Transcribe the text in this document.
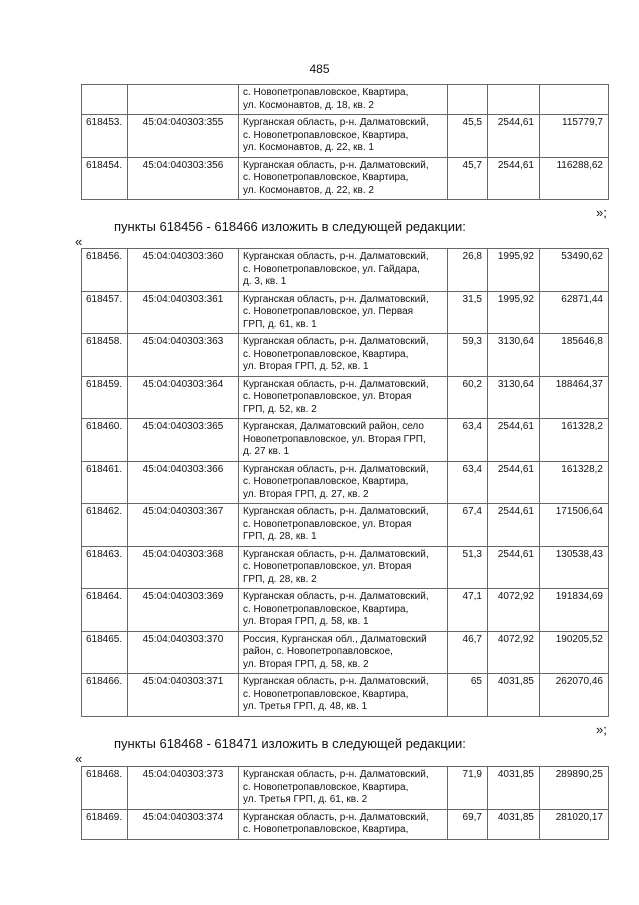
485
		с. Новопетропавловское, Квартира,
ул. Космонавтов, д. 18, кв. 2			
618453.	45:04:040303:355	Курганская область, р-н. Далматовский,
с. Новопетропавловское, Квартира,
ул. Космонавтов, д. 22, кв. 1	45,5	2544,61	115779,7
618454.	45:04:040303:356	Курганская область, р-н. Далматовский,
с. Новопетропавловское, Квартира,
ул. Космонавтов, д. 22, кв. 2	45,7	2544,61	116288,62
»;
пункты 618456 - 618466 изложить в следующей редакции:
«
618456.	45:04:040303:360	Курганская область, р-н. Далматовский,
с. Новопетропавловское, ул. Гайдара,
д. 3, кв. 1	26,8	1995,92	53490,62
618457.	45:04:040303:361	Курганская область, р-н. Далматовский,
с. Новопетропавловское, ул. Первая
ГРП, д. 61, кв. 1	31,5	1995,92	62871,44
618458.	45:04:040303:363	Курганская область, р-н. Далматовский,
с. Новопетропавловское, Квартира,
ул. Вторая ГРП, д. 52, кв. 1	59,3	3130,64	185646,8
618459.	45:04:040303:364	Курганская область, р-н. Далматовский,
с. Новопетропавловское, ул. Вторая
ГРП, д. 52, кв. 2	60,2	3130,64	188464,37
618460.	45:04:040303:365	Курганская, Далматовский район, село
Новопетропавловское, ул. Вторая ГРП,
д. 27 кв. 1	63,4	2544,61	161328,2
618461.	45:04:040303:366	Курганская область, р-н. Далматовский,
с. Новопетропавловское, Квартира,
ул. Вторая ГРП, д. 27, кв. 2	63,4	2544,61	161328,2
618462.	45:04:040303:367	Курганская область, р-н. Далматовский,
с. Новопетропавловское, ул. Вторая
ГРП, д. 28, кв. 1	67,4	2544,61	171506,64
618463.	45:04:040303:368	Курганская область, р-н. Далматовский,
с. Новопетропавловское, ул. Вторая
ГРП, д. 28, кв. 2	51,3	2544,61	130538,43
618464.	45:04:040303:369	Курганская область, р-н. Далматовский,
с. Новопетропавловское, Квартира,
ул. Вторая ГРП, д. 58, кв. 1	47,1	4072,92	191834,69
618465.	45:04:040303:370	Россия, Курганская обл., Далматовский
район, с. Новопетропавловское,
ул. Вторая ГРП, д. 58, кв. 2	46,7	4072,92	190205,52
618466.	45:04:040303:371	Курганская область, р-н. Далматовский,
с. Новопетропавловское, Квартира,
ул. Третья ГРП, д. 48, кв. 1	65	4031,85	262070,46
»;
пункты 618468 - 618471 изложить в следующей редакции:
«
618468.	45:04:040303:373	Курганская область, р-н. Далматовский,
с. Новопетропавловское, Квартира,
ул. Третья ГРП, д. 61, кв. 2	71,9	4031,85	289890,25
618469.	45:04:040303:374	Курганская область, р-н. Далматовский,
с. Новопетропавловское, Квартира,	69,7	4031,85	281020,17
